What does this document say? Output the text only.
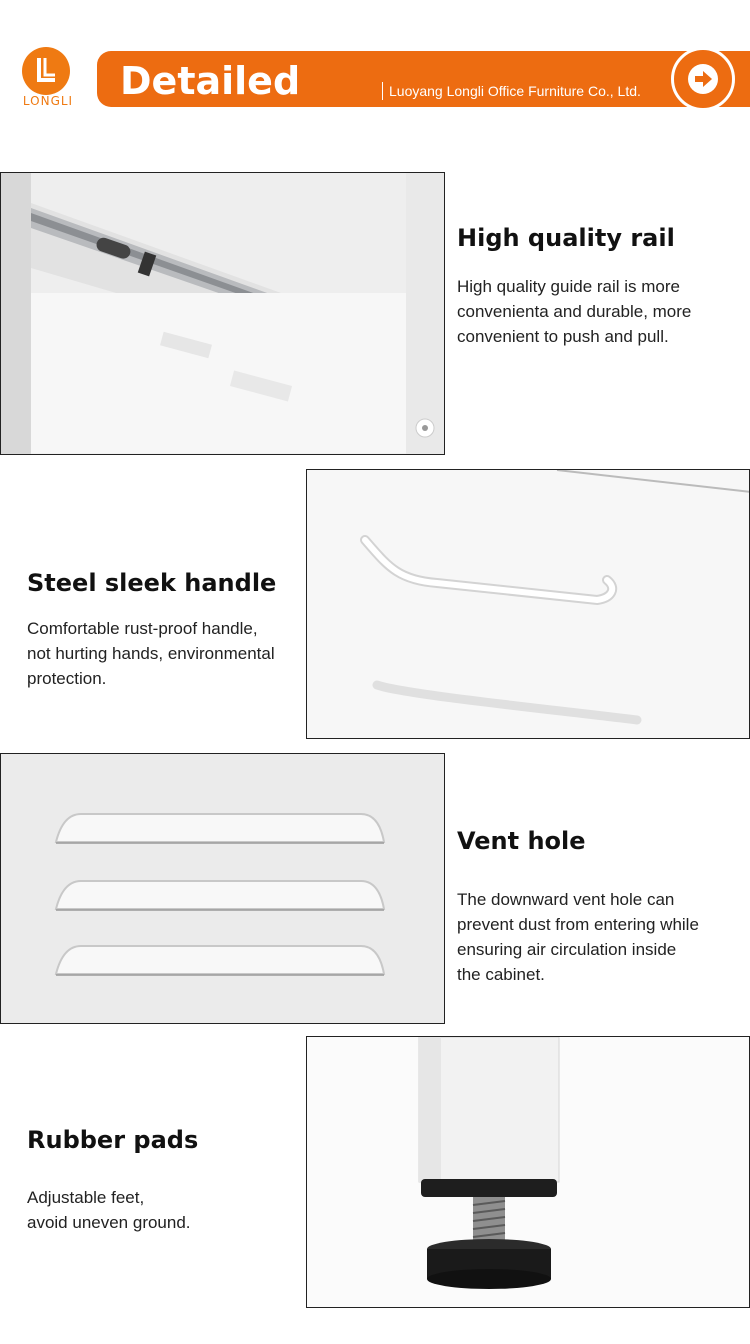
LONGLI Detailed	Luoyang Longli Office Furniture Co., Ltd.
High quality rail
High quality guide rail is more
convenienta and durable, more
convenient to push and pull.
Steel sleek handle
Comfortable rust-proof handle,
not hurting hands, environmental
protection.
Vent hole
The downward vent hole can
prevent dust from entering while
ensuring air circulation inside
the cabinet.
Rubber pads
Adjustable feet,
avoid uneven ground.
